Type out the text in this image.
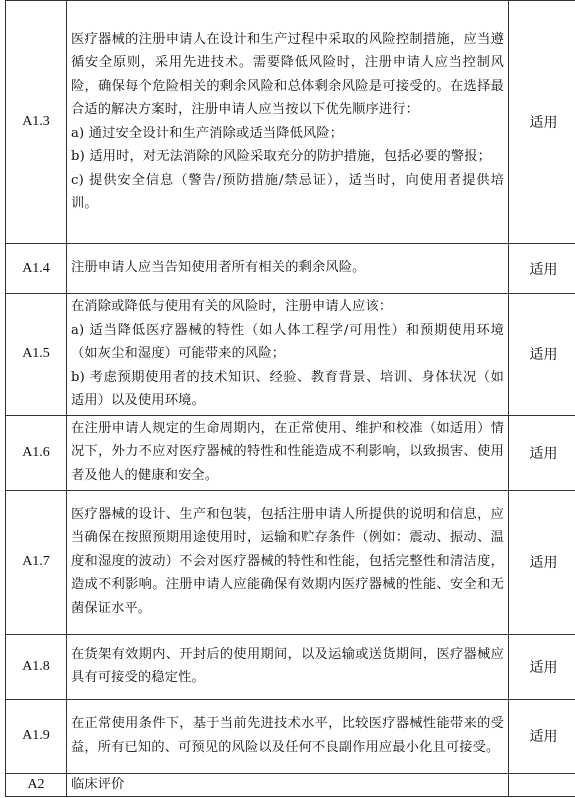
A1.3	医疗器械的注册申请人在设计和生产过程中采取的风险控制措施，应当遵循安全原则，采用先进技术。需要降低风险时，注册申请人应当控制风险，确保每个危险相关的剩余风险和总体剩余风险是可接受的。在选择最合适的解决方案时，注册申请人应当按以下优先顺序进行：
a) 通过安全设计和生产消除或适当降低风险；
b) 适用时，对无法消除的风险采取充分的防护措施，包括必要的警报；
c) 提供安全信息（警告/预防措施/禁忌证），适当时，向使用者提供培训。	适用
A1.4	注册申请人应当告知使用者所有相关的剩余风险。	适用
A1.5	在消除或降低与使用有关的风险时，注册申请人应该：
a) 适当降低医疗器械的特性（如人体工程学/可用性）和预期使用环境（如灰尘和湿度）可能带来的风险；
b) 考虑预期使用者的技术知识、经验、教育背景、培训、身体状况（如适用）以及使用环境。	适用
A1.6	在注册申请人规定的生命周期内，在正常使用、维护和校准（如适用）情况下，外力不应对医疗器械的特性和性能造成不利影响，以致损害、使用者及他人的健康和安全。	适用
A1.7	医疗器械的设计、生产和包装，包括注册申请人所提供的说明和信息，应当确保在按照预期用途使用时，运输和贮存条件（例如：震动、振动、温度和湿度的波动）不会对医疗器械的特性和性能，包括完整性和清洁度，造成不利影响。注册申请人应能确保有效期内医疗器械的性能、安全和无菌保证水平。	适用
A1.8	在货架有效期内、开封后的使用期间，以及运输或送货期间，医疗器械应具有可接受的稳定性。	适用
A1.9	在正常使用条件下，基于当前先进技术水平，比较医疗器械性能带来的受益，所有已知的、可预见的风险以及任何不良副作用应最小化且可接受。	适用
A2	临床评价	
